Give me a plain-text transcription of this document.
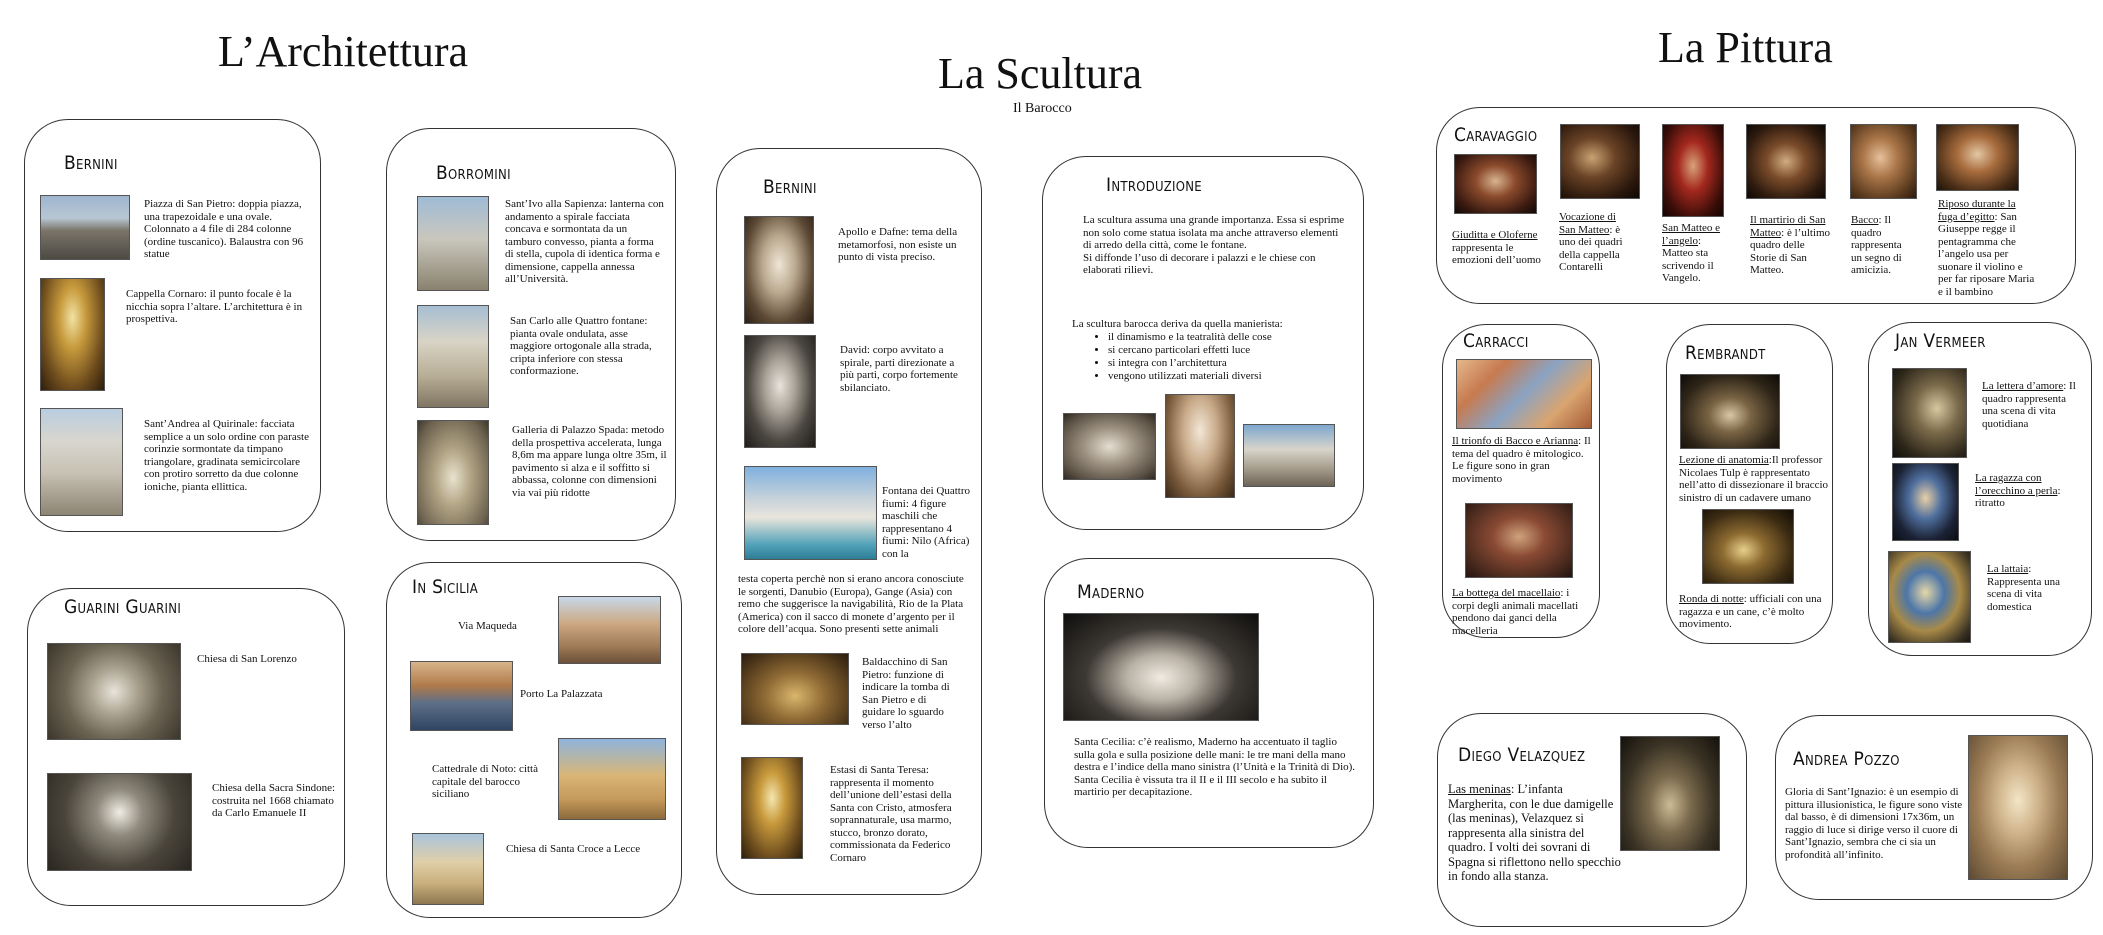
L’Architettura	La Scultura
Il Barocco
La Pittura
Bernini
Piazza di San Pietro: doppia piazza, una trapezoidale e una ovale. Colonnato a 4 file di 284 colonne (ordine tuscanico). Balaustra con 96 statue
Cappella Cornaro: il punto focale è la nicchia sopra l’altare. L’architettura è in prospettiva.
Sant’Andrea al Quirinale: facciata semplice a un solo ordine con paraste corinzie sormontate da timpano triangolare, gradinata semicircolare con protiro sorretto da due colonne ioniche, pianta ellittica.
Borromini
Sant’Ivo alla Sapienza: lanterna con andamento a spirale facciata concava e sormontata da un tamburo convesso, pianta a forma di stella, cupola di identica forma e dimensione, cappella annessa all’Università.
San Carlo alle Quattro fontane: pianta ovale ondulata, asse maggiore ortogonale alla strada, cripta inferiore con stessa conformazione.
Galleria di Palazzo Spada: metodo della prospettiva accelerata, lunga 8,6m ma appare lunga oltre 35m, il pavimento si alza e il soffitto si abbassa, colonne con dimensioni via vai più ridotte
Guarini Guarini
Chiesa di San Lorenzo
Chiesa della Sacra Sindone: costruita nel 1668 chiamato da Carlo Emanuele II
In Sicilia
Via Maqueda
Porto La Palazzata
Cattedrale di Noto: città capitale del barocco siciliano
Chiesa di Santa Croce a Lecce
Bernini
Apollo e Dafne: tema della metamorfosi, non esiste un punto di vista preciso.
David: corpo avvitato a spirale, parti direzionate a più parti, corpo fortemente sbilanciato.
Fontana dei Quattro fiumi: 4 figure maschili che rappresentano 4 fiumi: Nilo (Africa) con la
testa coperta perchè non si erano ancora conosciute le sorgenti, Danubio (Europa), Gange (Asia) con remo che suggerisce la navigabilità, Rio de la Plata (America) con il sacco di monete d’argento per il colore dell’acqua. Sono presenti sette animali
Baldacchino di San Pietro: funzione di indicare la tomba di San Pietro e di guidare lo sguardo verso l’alto
Estasi di Santa Teresa: rappresenta il momento dell’unione dell’estasi della Santa con Cristo, atmosfera soprannaturale, usa marmo, stucco, bronzo dorato, commissionata da Federico Cornaro
Introduzione
La scultura assuma una grande importanza. Essa si esprime non solo come statua isolata ma anche attraverso elementi di arredo della città, come le fontane.
Si diffonde l’uso di decorare i palazzi e le chiese con elaborati rilievi.
La scultura barocca deriva da quella manierista:
• il dinamismo e la teatralità delle cose
• si cercano particolari effetti luce
• si integra con l’architettura
• vengono utilizzati materiali diversi
Maderno
Santa Cecilia: c’è realismo, Maderno ha accentuato il taglio sulla gola e sulla posizione delle mani: le tre mani della mano destra e l’indice della mano sinistra (l’Unità e la Trinità di Dio). Santa Cecilia è vissuta tra il II e il III secolo e ha subito il martirio per decapitazione.
Caravaggio
Giuditta e Oloferne
rappresenta le emozioni dell’uomo
Vocazione di San Matteo: è uno dei quadri della cappella Contarelli
San Matteo e l’angelo: Matteo sta scrivendo il Vangelo.
Il martirio di San Matteo: è l’ultimo quadro delle Storie di San Matteo.
Bacco: Il quadro rappresenta un segno di amicizia.
Riposo durante la fuga d’egitto: San Giuseppe regge il pentagramma che l’angelo usa per suonare il violino e per far riposare Maria e il bambino
Carracci
Il trionfo di Bacco e Arianna: Il tema del quadro è mitologico. Le figure sono in gran movimento
La bottega del macellaio: i corpi degli animali macellati pendono dai ganci della macelleria
Rembrandt
Lezione di anatomia:Il professor Nicolaes Tulp è rappresentato nell’atto di dissezionare il braccio sinistro di un cadavere umano
Ronda di notte: ufficiali con una ragazza e un cane, c’è molto movimento.
Jan Vermeer
La lettera d’amore: Il quadro rappresenta una scena di vita quotidiana
La ragazza con l’orecchino a perla: ritratto
La lattaia: Rappresenta una scena di vita domestica
Diego Velazquez
Las meninas: L’infanta Margherita, con le due damigelle (las meninas), Velazquez si rappresenta alla sinistra del quadro. I volti dei sovrani di Spagna si riflettono nello specchio in fondo alla stanza.
Andrea Pozzo
Gloria di Sant’Ignazio: è un esempio di pittura illusionistica, le figure sono viste dal basso, è di dimensioni 17x36m, un raggio di luce si dirige verso il cuore di Sant’Ignazio, sembra che ci sia un profondità all’infinito.
